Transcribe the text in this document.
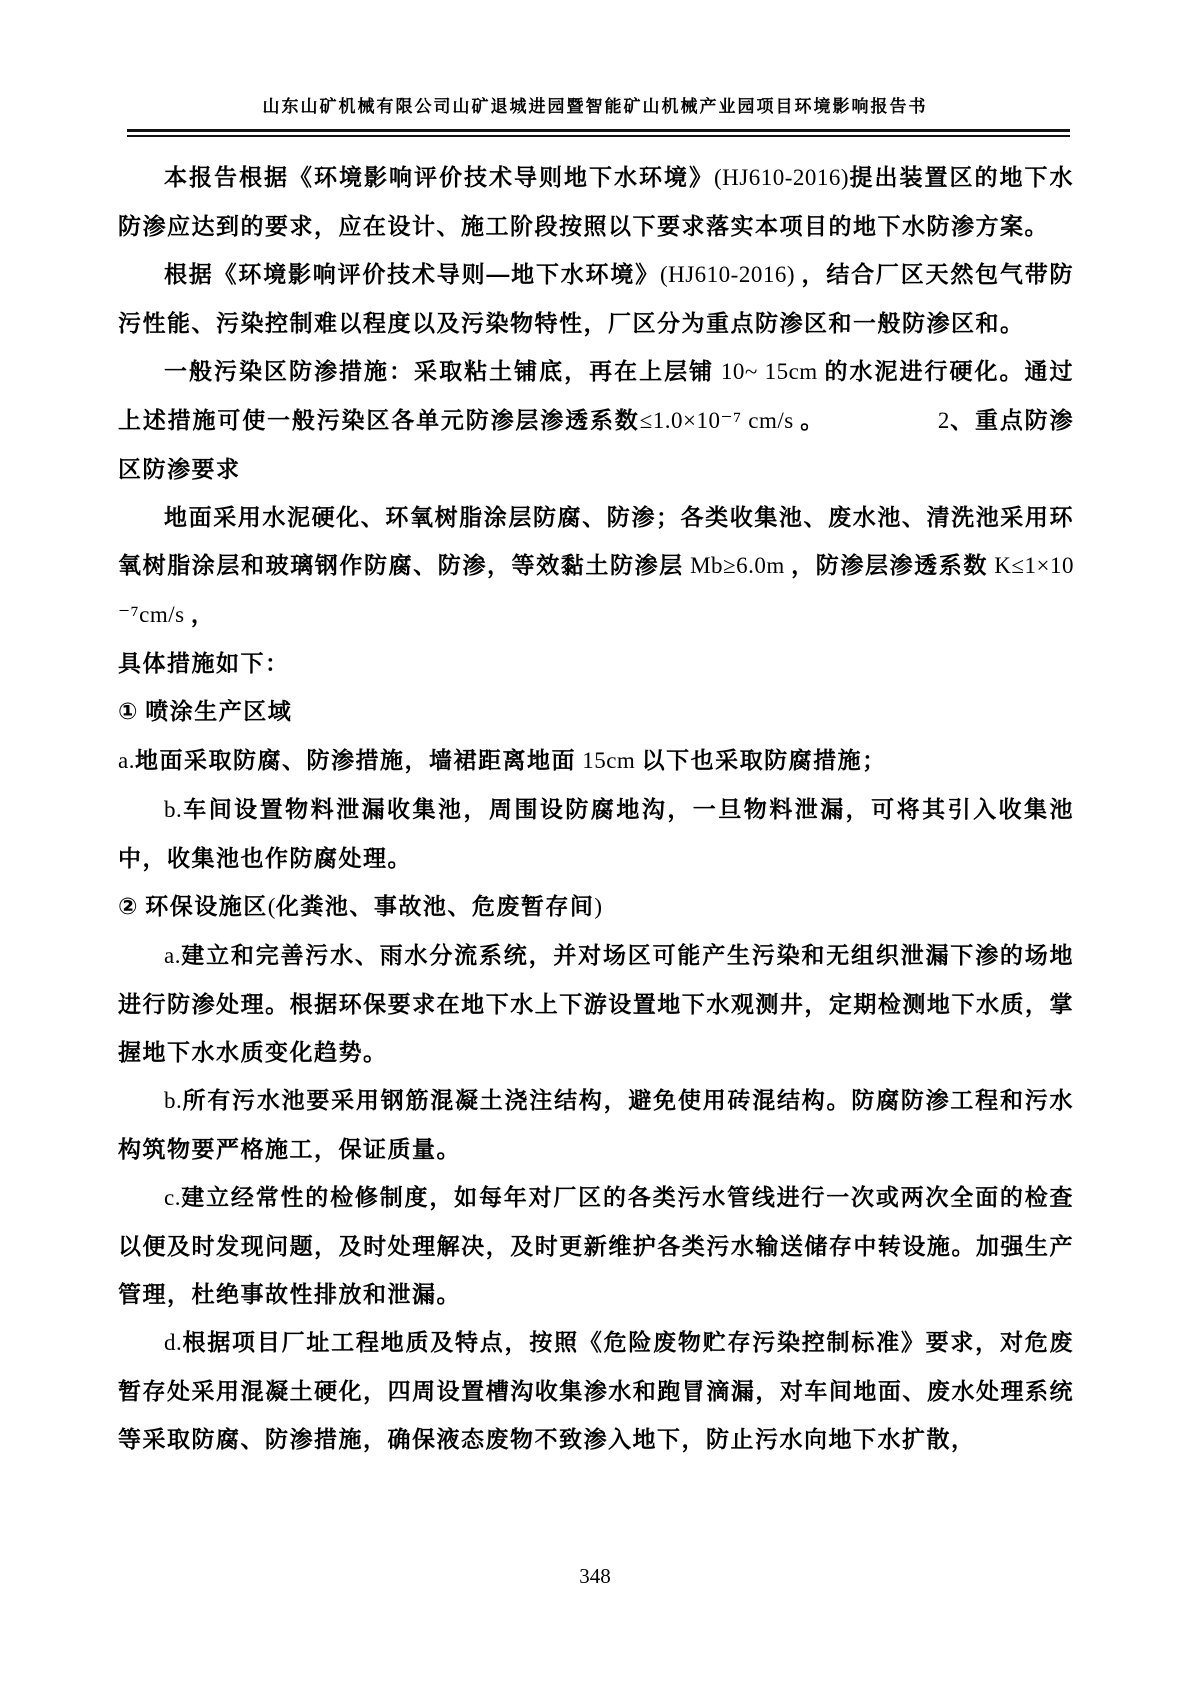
山东山矿机械有限公司山矿退城进园暨智能矿山机械产业园项目环境影响报告书

本报告根据《环境影响评价技术导则地下水环境》(HJ610-2016)提出装置区的地下水防渗应达到的要求，应在设计、施工阶段按照以下要求落实本项目的地下水防渗方案。

根据《环境影响评价技术导则—地下水环境》(HJ610-2016) ，结合厂区天然包气带防污性能、污染控制难以程度以及污染物特性，厂区分为重点防渗区和一般防渗区和。

一般污染区防渗措施：采取粘土铺底，再在上层铺 10~ 15cm 的水泥进行硬化。通过上述措施可使一般污染区各单元防渗层渗透系数≤1.0×10⁻⁷ cm/s 。　　　　　2、重点防渗区防渗要求

地面采用水泥硬化、环氧树脂涂层防腐、防渗；各类收集池、废水池、清洗池采用环氧树脂涂层和玻璃钢作防腐、防渗，等效黏土防渗层 Mb≥6.0m ，防渗层渗透系数 K≤1×10⁻⁷cm/s ，

具体措施如下：

① 喷涂生产区域

a.地面采取防腐、防渗措施，墙裙距离地面 15cm 以下也采取防腐措施；

b.车间设置物料泄漏收集池，周围设防腐地沟，一旦物料泄漏，可将其引入收集池中，收集池也作防腐处理。

② 环保设施区(化粪池、事故池、危废暂存间)

a.建立和完善污水、雨水分流系统，并对场区可能产生污染和无组织泄漏下渗的场地进行防渗处理。根据环保要求在地下水上下游设置地下水观测井，定期检测地下水质，掌握地下水水质变化趋势。

b.所有污水池要采用钢筋混凝土浇注结构，避免使用砖混结构。防腐防渗工程和污水构筑物要严格施工，保证质量。

c.建立经常性的检修制度，如每年对厂区的各类污水管线进行一次或两次全面的检查以便及时发现问题，及时处理解决，及时更新维护各类污水输送储存中转设施。加强生产管理，杜绝事故性排放和泄漏。

d.根据项目厂址工程地质及特点，按照《危险废物贮存污染控制标准》要求，对危废暂存处采用混凝土硬化，四周设置槽沟收集渗水和跑冒滴漏，对车间地面、废水处理系统等采取防腐、防渗措施，确保液态废物不致渗入地下，防止污水向地下水扩散，

348
